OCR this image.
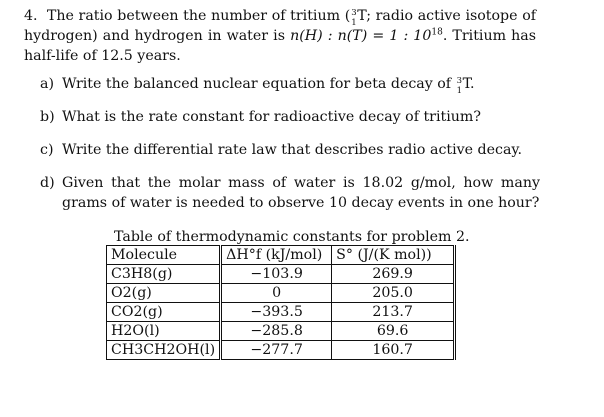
4. The ratio between the number of tritium ( 3
1 T; radio active isotope of hydrogen) and hydrogen in water is n(H) : n(T) = 1 : $10^{18}$. Tritium has half-life of 12.5 years.

a) Write the balanced nuclear equation for beta decay of 3
1 T.
b) What is the rate constant for radioactive decay of tritium?
c) Write the differential rate law that describes radio active decay.
d) Given that the molar mass of water is 18.02 g/mol, how many grams of water is needed to observe 10 decay events in one hour?

Table of thermodynamic constants for problem 2.

Molecule	ΔH°f (kJ/mol)	S° (J/(K mol))
C3H8(g)	−103.9	269.9
O2(g)	0	205.0
CO2(g)	−393.5	213.7
H2O(l)	−285.8	69.6
CH3CH2OH(l)	−277.7	160.7
